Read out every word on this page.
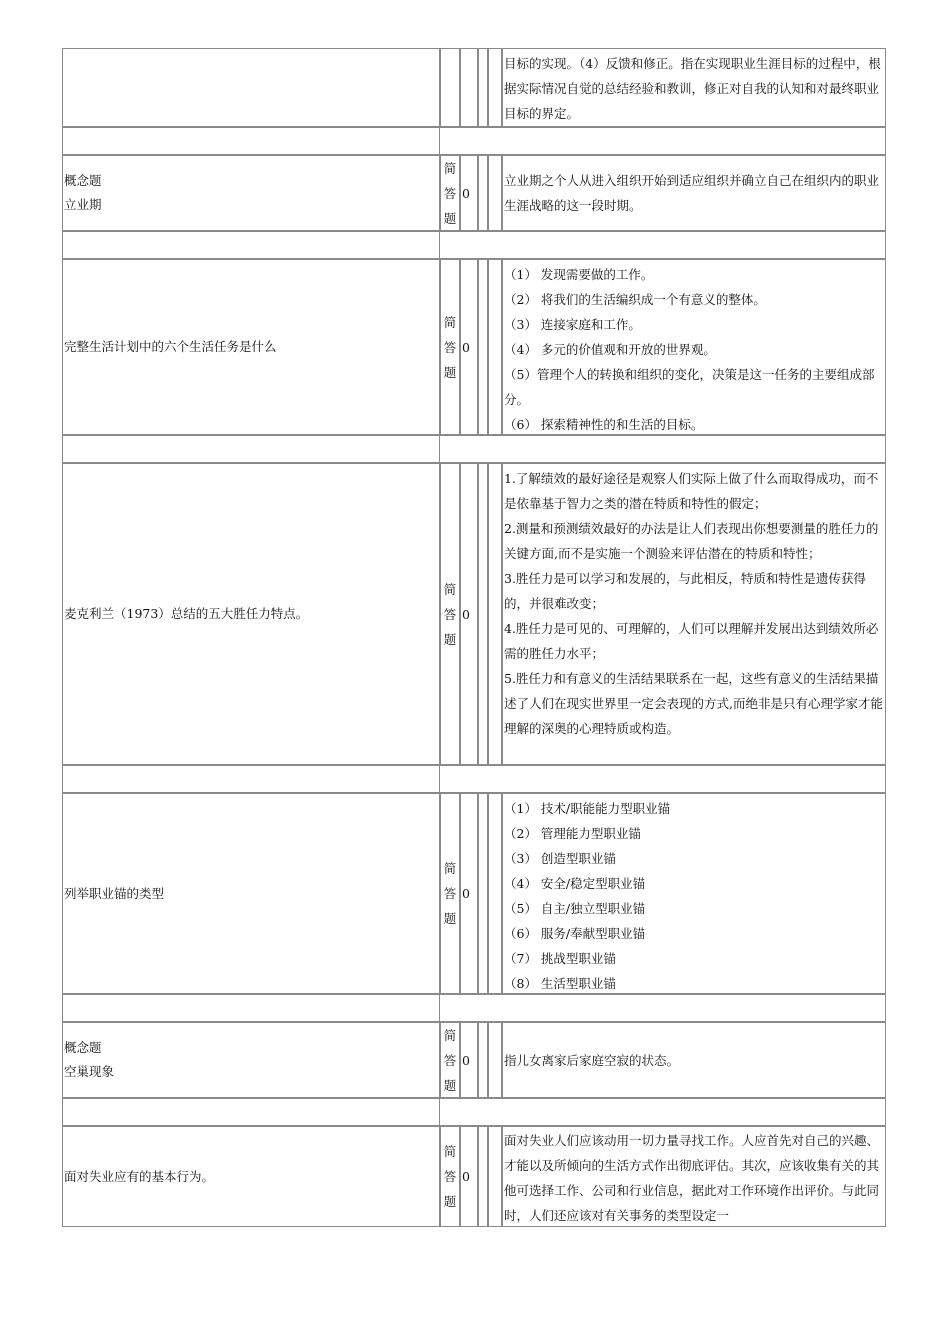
目标的实现。（4）反馈和修正。指在实现职业生涯目标的过程中，根据实际情况自觉的总结经验和教训，修正对自我的认知和对最终职业目标的界定。
概念题
立业期
简
答
题
0
立业期之个人从进入组织开始到适应组织并确立自己在组织内的职业生涯战略的这一段时期。
完整生活计划中的六个生活任务是什么
简
答
题
0
（1） 发现需要做的工作。
（2） 将我们的生活编织成一个有意义的整体。
（3） 连接家庭和工作。
（4） 多元的价值观和开放的世界观。
（5）管理个人的转换和组织的变化，决策是这一任务的主要组成部分。
（6） 探索精神性的和生活的目标。
麦克利兰（1973）总结的五大胜任力特点。
简
答
题
0
1.了解绩效的最好途径是观察人们实际上做了什么而取得成功，而不是依靠基于智力之类的潜在特质和特性的假定；
2.测量和预测绩效最好的办法是让人们表现出你想要测量的胜任力的关键方面,而不是实施一个测验来评估潜在的特质和特性；
3.胜任力是可以学习和发展的，与此相反，特质和特性是遗传获得的，并很难改变；
4.胜任力是可见的、可理解的，人们可以理解并发展出达到绩效所必需的胜任力水平；
5.胜任力和有意义的生活结果联系在一起，这些有意义的生活结果描述了人们在现实世界里一定会表现的方式,而绝非是只有心理学家才能理解的深奥的心理特质或构造。
列举职业锚的类型
简
答
题
0
（1） 技术/职能能力型职业锚
（2） 管理能力型职业锚
（3） 创造型职业锚
（4） 安全/稳定型职业锚
（5） 自主/独立型职业锚
（6） 服务/奉献型职业锚
（7） 挑战型职业锚
（8） 生活型职业锚
概念题
空巢现象
简
答
题
0	指儿女离家后家庭空寂的状态。
面对失业应有的基本行为。
简
答
题
0
面对失业人们应该动用一切力量寻找工作。人应首先对自己的兴趣、才能以及所倾向的生活方式作出彻底评估。其次，应该收集有关的其他可选择工作、公司和行业信息，据此对工作环境作出评价。与此同时，人们还应该对有关事务的类型设定一
